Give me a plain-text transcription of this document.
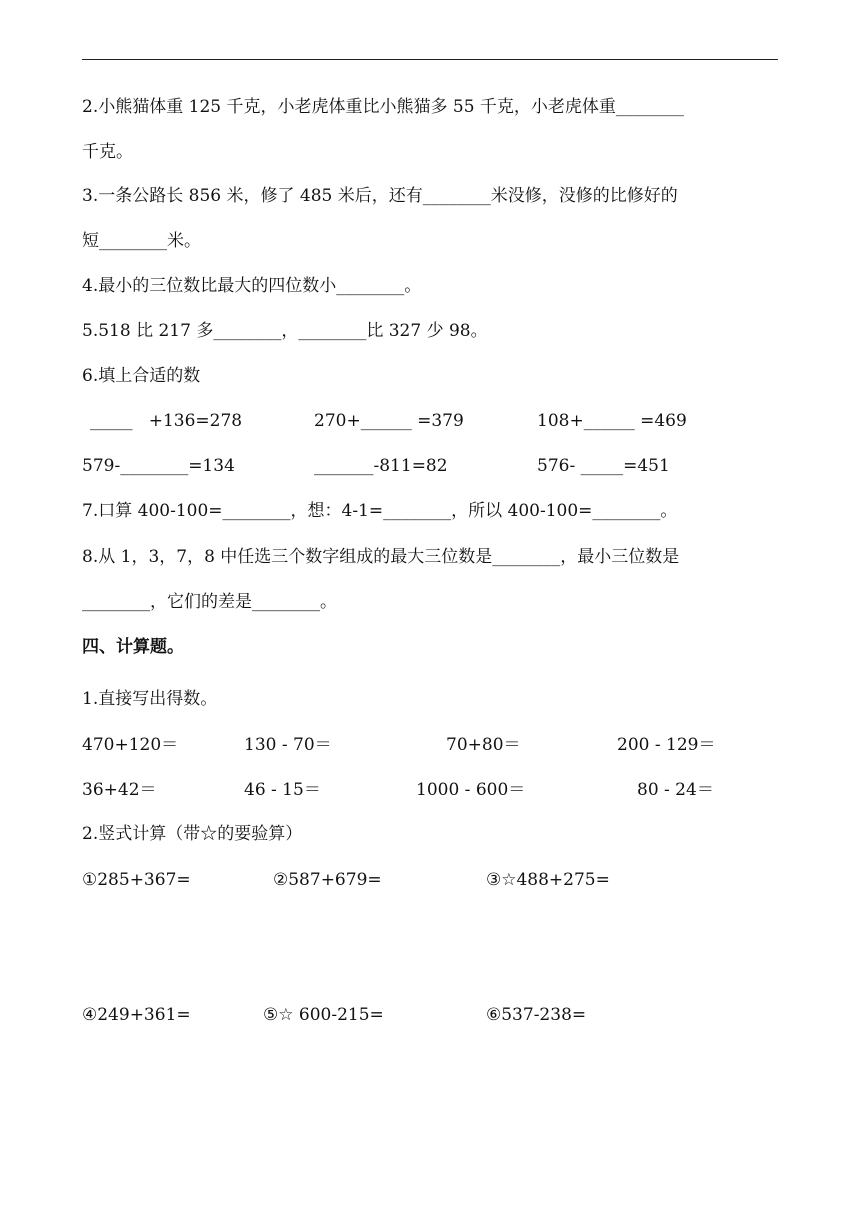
2.小熊猫体重 125 千克，小老虎体重比小熊猫多 55 千克，小老虎体重________
千克。
3.一条公路长 856 米，修了 485 米后，还有________米没修，没修的比修好的
短________米。
4.最小的三位数比最大的四位数小________。
5.518 比 217 多________，________比 327 少 98。
6.填上合适的数
_____   +136=278	270+______ =379	108+______ =469
579-________=134	_______-811=82	576- _____=451
7.口算 400-100=________，想：4-1=________，所以 400-100=________。
8.从 1，3，7，8 中任选三个数字组成的最大三位数是________，最小三位数是
________，它们的差是________。
四、计算题。
1.直接写出得数。
470+120＝	130 - 70＝	70+80＝	200 - 129＝
36+42＝	46 - 15＝	1000 - 600＝	80 - 24＝
2.竖式计算（带☆的要验算）
①285+367=	②587+679=	③☆488+275=
④249+361=	⑤☆ 600-215=	⑥537-238=
